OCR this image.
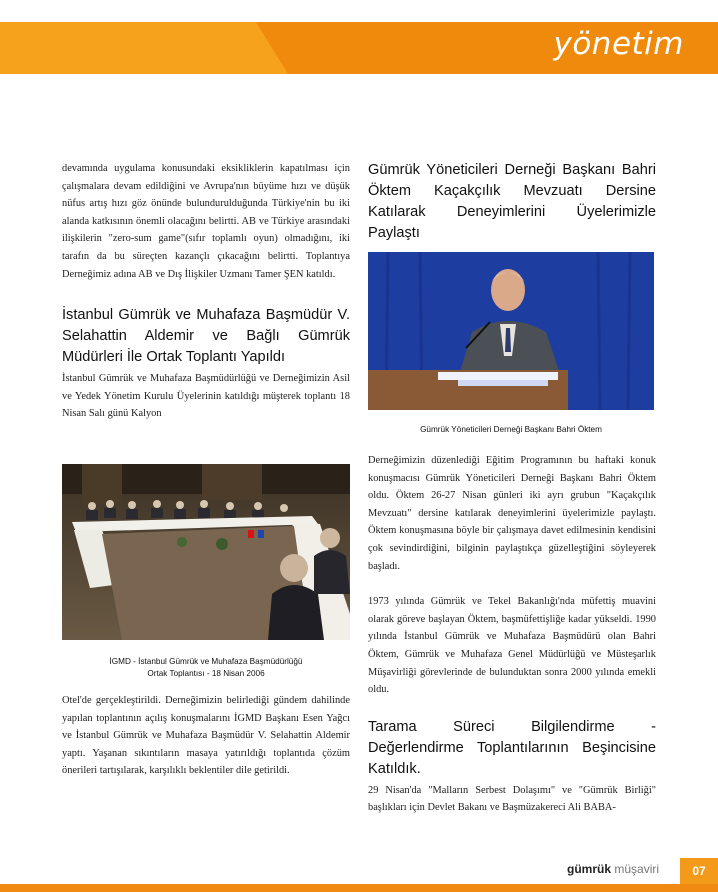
yönetim

devamında uygulama konusundaki eksikliklerin kapatılması için çalışmalara devam edildiğini ve Avrupa'nın büyüme hızı ve düşük nüfus artış hızı göz önünde bulundurulduğunda Türkiye'nin bu iki alanda katkısının önemli olacağını belirtti. AB ve Türkiye arasındaki ilişkilerin "zero-sum game"(sıfır toplamlı oyun) olmadığını, iki tarafın da bu süreçten kazançlı çıkacağını belirtti. Toplantıya Derneğimiz adına AB ve Dış İlişkiler Uzmanı Tamer ŞEN katıldı.

İstanbul Gümrük ve Muhafaza Başmüdür V. Selahattin Aldemir ve Bağlı Gümrük Müdürleri İle Ortak Toplantı Yapıldı

İstanbul Gümrük ve Muhafaza Başmüdürlüğü ve Derneğimizin Asil ve Yedek Yönetim Kurulu Üyelerinin katıldığı müşterek toplantı 18 Nisan Salı günü Kalyon

İGMD - İstanbul Gümrük ve Muhafaza Başmüdürlüğü
Ortak Toplantısı - 18 Nisan 2006

Otel'de gerçekleştirildi. Derneğimizin belirlediği gündem dahilinde yapılan toplantının açılış konuşmalarını İGMD Başkanı Esen Yağcı ve İstanbul Gümrük ve Muhafaza Başmüdür V. Selahattin Aldemir yaptı. Yaşanan sıkıntıların masaya yatırıldığı toplantıda çözüm önerileri tartışılarak, karşılıklı beklentiler dile getirildi.

Gümrük Yöneticileri Derneği Başkanı Bahri Öktem Kaçakçılık Mevzuatı Dersine Katılarak Deneyimlerini Üyelerimizle Paylaştı
Gümrük Yöneticileri Derneği Başkanı Bahri Öktem

Derneğimizin düzenlediği Eğitim Programının bu haftaki konuk konuşmacısı Gümrük Yöneticileri Derneği Başkanı Bahri Öktem oldu. Öktem 26-27 Nisan günleri iki ayrı grubun "Kaçakçılık Mevzuatı" dersine katılarak deneyimlerini üyelerimizle paylaştı. Öktem konuşmasına böyle bir çalışmaya davet edilmesinin kendisini çok sevindirdiğini, bilginin paylaştıkça güzelleştiğini söyleyerek başladı.

1973 yılında Gümrük ve Tekel Bakanlığı'nda müfettiş muavini olarak göreve başlayan Öktem, başmüfettişliğe kadar yükseldi. 1990 yılında İstanbul Gümrük ve Muhafaza Başmüdürü olan Bahri Öktem, Gümrük ve Muhafaza Genel Müdürlüğü ve Müsteşarlık Müşavirliği görevlerinde de bulunduktan sonra 2000 yılında emekli oldu.

Tarama Süreci Bilgilendirme - Değerlendirme Toplantılarının Beşincisine Katıldık.

29 Nisan'da "Malların Serbest Dolaşımı" ve "Gümrük Birliği" başlıkları için Devlet Bakanı ve Başmüzakereci Ali BABA-

gümrük müşaviri	07
